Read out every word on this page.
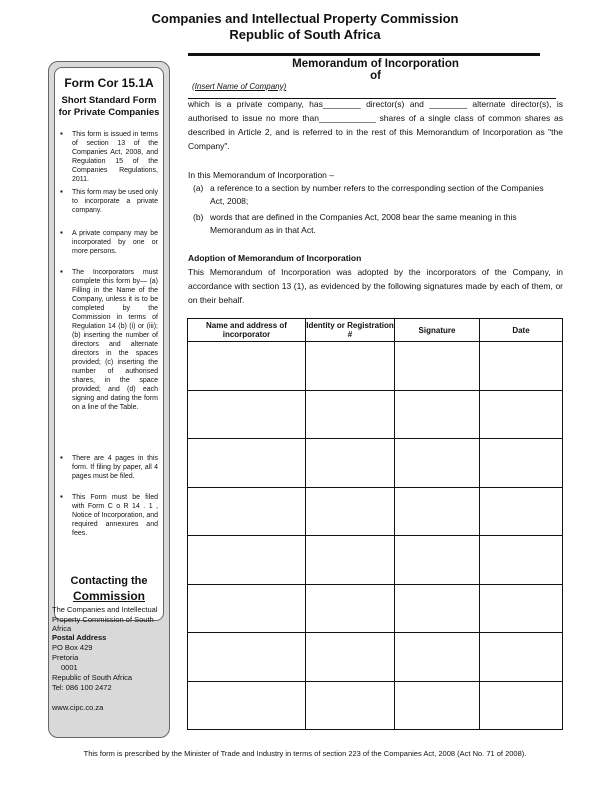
Companies and Intellectual Property Commission
Republic of South Africa
Form Cor 15.1A
Short Standard Form
for Private Companies
▪ This form is issued in terms of section 13 of the Companies Act, 2008, and Regulation 15 of the Companies Regulations, 2011.
▪ This form may be used only to incorporate a private company.
▪ A private company may be incorporated by one or more persons.
▪ The Incorporators must complete this form by— (a) Filling in the Name of the Company, unless it is to be completed by the Commission in terms of Regulation 14 (b) (i) or (iii); (b) inserting the number of directors and alternate directors in the spaces provided; (c) inserting the number of authorised shares, in the space provided; and (d) each signing and dating the form on a line of the Table.
▪ There are 4 pages in this form. If filing by paper, all 4 pages must be filed.
▪ This Form must be filed with Form C o R 14 . 1 , Notice of Incorporation, and required annexures and fees.
Contacting the
Commission
The Companies and Intellectual Property Commission of South Africa
Postal Address
PO Box 429
Pretoria
0001
Republic of South Africa
Tel: 086 100 2472
www.cipc.co.za
Memorandum of Incorporation
of
(Insert Name of Company)
which is a private company, has________ director(s) and ________ alternate director(s), is authorised to issue no more than____________ shares of a single class of common shares as described in Article 2, and is referred to in the rest of this Memorandum of Incorporation as "the Company".
In this Memorandum of Incorporation –
(a) a reference to a section by number refers to the corresponding section of the Companies Act, 2008;
(b) words that are defined in the Companies Act, 2008 bear the same meaning in this Memorandum as in that Act.
Adoption of Memorandum of Incorporation
This Memorandum of Incorporation was adopted by the incorporators of the Company, in accordance with section 13 (1), as evidenced by the following signatures made by each of them, or on their behalf.
Name and address of incorporator	Identity or Registration #	Signature	Date

This form is prescribed by the Minister of Trade and Industry in terms of section 223 of the Companies Act, 2008 (Act No. 71 of 2008).
